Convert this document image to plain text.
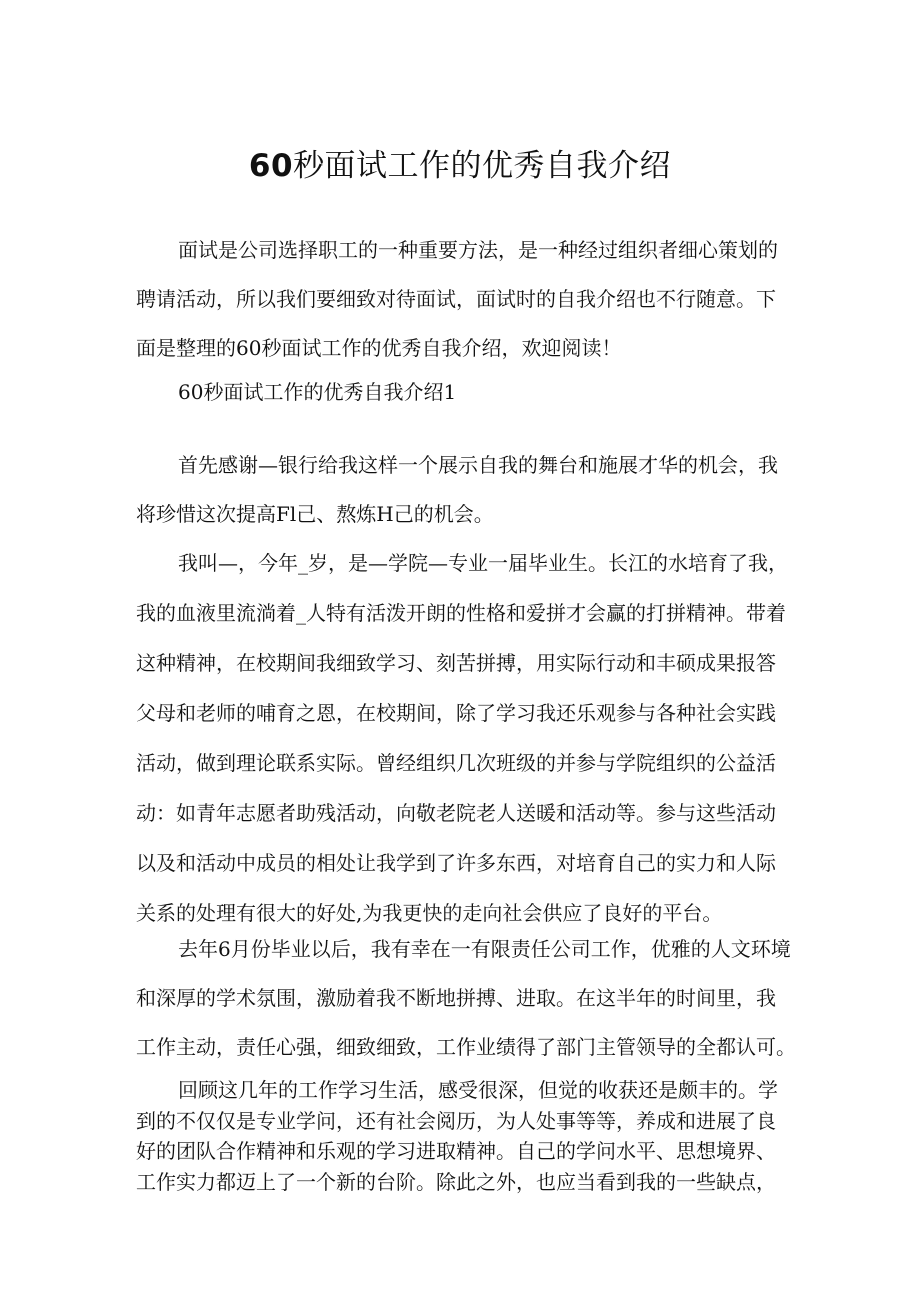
60秒面试工作的优秀自我介绍

面试是公司选择职工的一种重要方法，是一种经过组织者细心策划的
聘请活动，所以我们要细致对待面试，面试时的自我介绍也不行随意。下
面是整理的60秒面试工作的优秀自我介绍，欢迎阅读！

60秒面试工作的优秀自我介绍1

首先感谢—银行给我这样一个展示自我的舞台和施展才华的机会，我
将珍惜这次提高Fl己、熬炼H己的机会。

我叫—，今年_岁，是—学院—专业一届毕业生。长江的水培育了我，
我的血液里流淌着_人特有活泼开朗的性格和爱拼才会赢的打拼精神。带着
这种精神，在校期间我细致学习、刻苦拼搏，用实际行动和丰硕成果报答
父母和老师的哺育之恩，在校期间，除了学习我还乐观参与各种社会实践
活动，做到理论联系实际。曾经组织几次班级的并参与学院组织的公益活
动：如青年志愿者助残活动，向敬老院老人送暖和活动等。参与这些活动
以及和活动中成员的相处让我学到了许多东西，对培育自己的实力和人际
关系的处理有很大的好处,为我更快的走向社会供应了良好的平台。

去年6月份毕业以后，我有幸在一有限责任公司工作，优雅的人文环境
和深厚的学术氛围，激励着我不断地拼搏、进取。在这半年的时间里，我
工作主动，责任心强，细致细致，工作业绩得了部门主管领导的全都认可。

回顾这几年的工作学习生活，感受很深，但觉的收获还是颇丰的。学
到的不仅仅是专业学问，还有社会阅历，为人处事等等，养成和进展了良
好的团队合作精神和乐观的学习进取精神。自己的学问水平、思想境界、
工作实力都迈上了一个新的台阶。除此之外，也应当看到我的一些缺点，
